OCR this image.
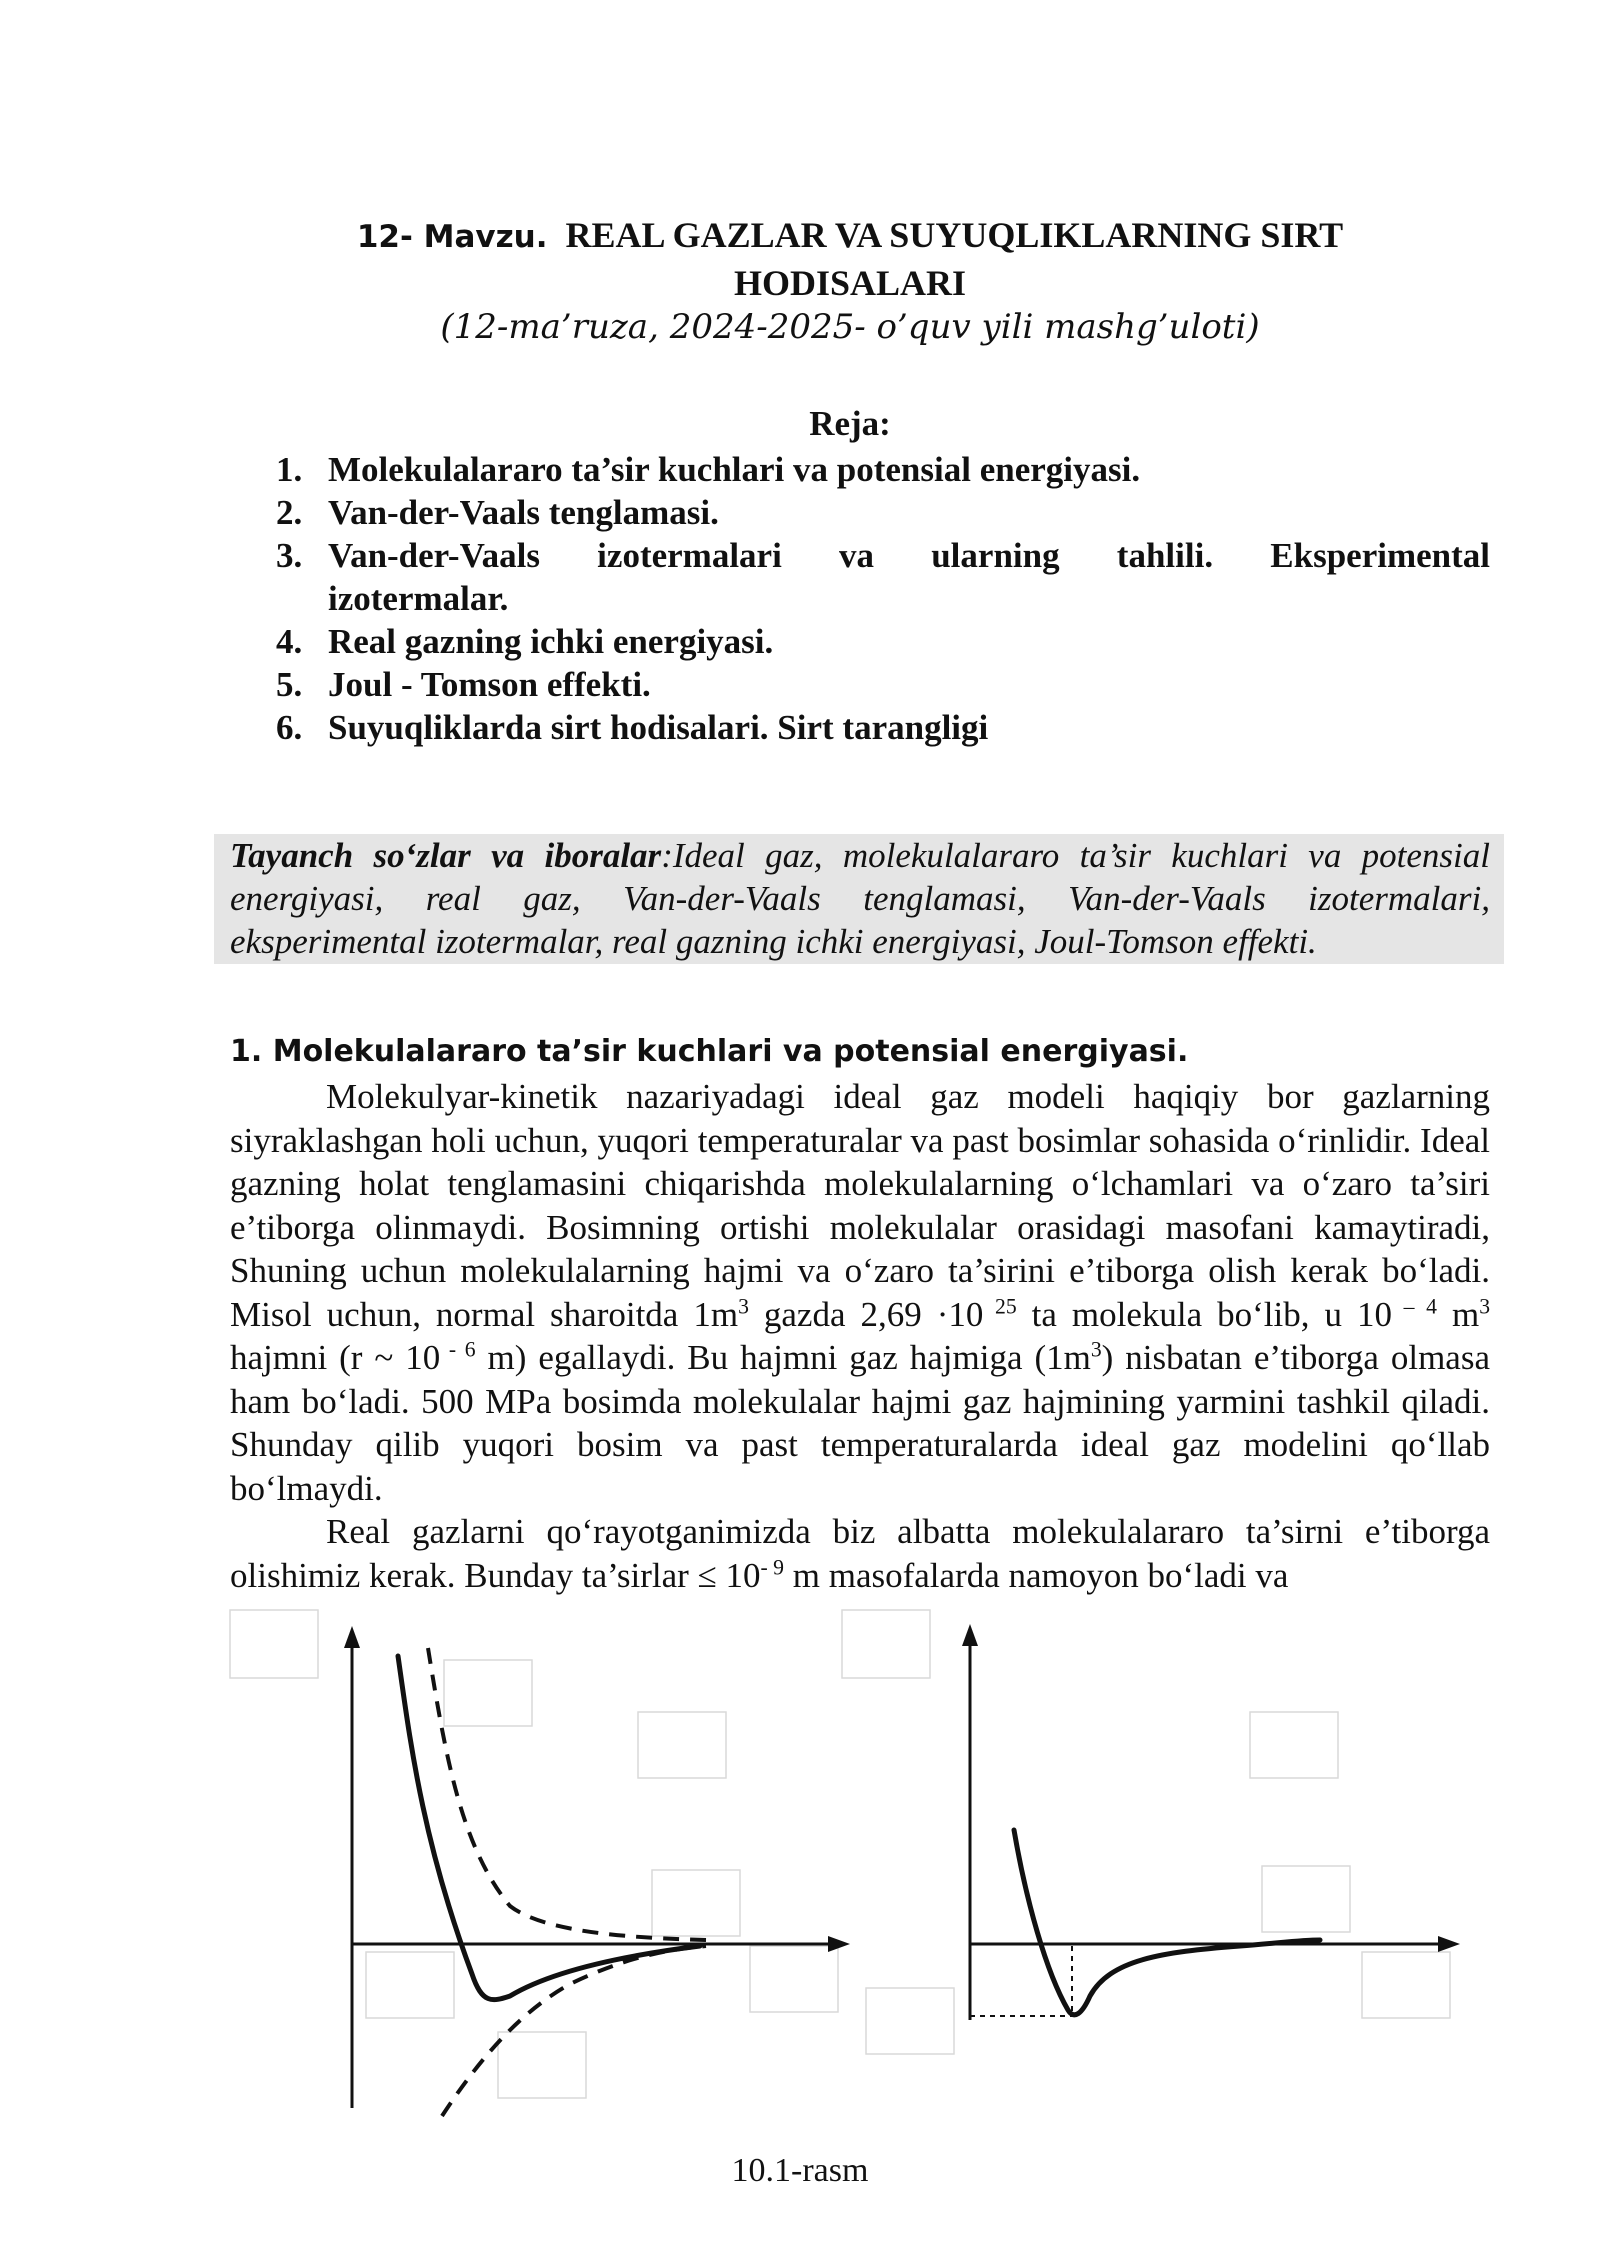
12- Mavzu. REAL GAZLAR VA SUYUQLIKLARNING SIRT
HODISALARI
(12-ma’ruza, 2024-2025- o’quv yili mashg’uloti)
Reja:
1. Molekulalararo ta’sir kuchlari va potensial energiyasi.
2. Van-der-Vaals tenglamasi.
3. Van-der-Vaals izotermalari va ularning tahlili. Eksperimental
izotermalar.
4. Real gazning ichki energiyasi.
5. Joul - Tomson effekti.
6. Suyuqliklarda sirt hodisalari. Sirt tarangligi

Tayanch so‘zlar va iboralar:Ideal gaz, molekulalararo ta’sir kuchlari va potensial energiyasi, real gaz, Van-der-Vaals tenglamasi, Van-der-Vaals izotermalari, eksperimental izotermalar, real gazning ichki energiyasi, Joul-Tomson effekti.

1. Molekulalararo ta’sir kuchlari va potensial energiyasi.

Molekulyar-kinetik nazariyadagi ideal gaz modeli haqiqiy bor gazlarning siyraklashgan holi uchun, yuqori temperaturalar va past bosimlar sohasida o‘rinlidir. Ideal gazning holat tenglamasini chiqarishda molekulalarning o‘lchamlari va o‘zaro ta’siri e’tiborga olinmaydi. Bosimning ortishi molekulalar orasidagi masofani kamaytiradi, Shuning uchun molekulalarning hajmi va o‘zaro ta’sirini e’tiborga olish kerak bo‘ladi. Misol uchun, normal sharoitda $1m^3$ gazda 2,69 ·10 $^{25}$ ta molekula bo‘lib, u 10 $^{- 4}$ $m^3$ hajmni (r ~ 10 $^{- 6}$ m) egallaydi. Bu hajmni gaz hajmiga $(1m^3)$ nisbatan e’tiborga olmasa ham bo‘ladi. 500 MPa bosimda molekulalar hajmi gaz hajmining yarmini tashkil qiladi. Shunday qilib yuqori bosim va past temperaturalarda ideal gaz modelini qo‘llab bo‘lmaydi.

Real gazlarni qo‘rayotganimizda biz albatta molekulalararo ta’sirni e’tiborga olishimiz kerak. Bunday ta’sirlar ≤ $10^{- 9}$ m masofalarda namoyon bo‘ladi va

10.1-rasm
